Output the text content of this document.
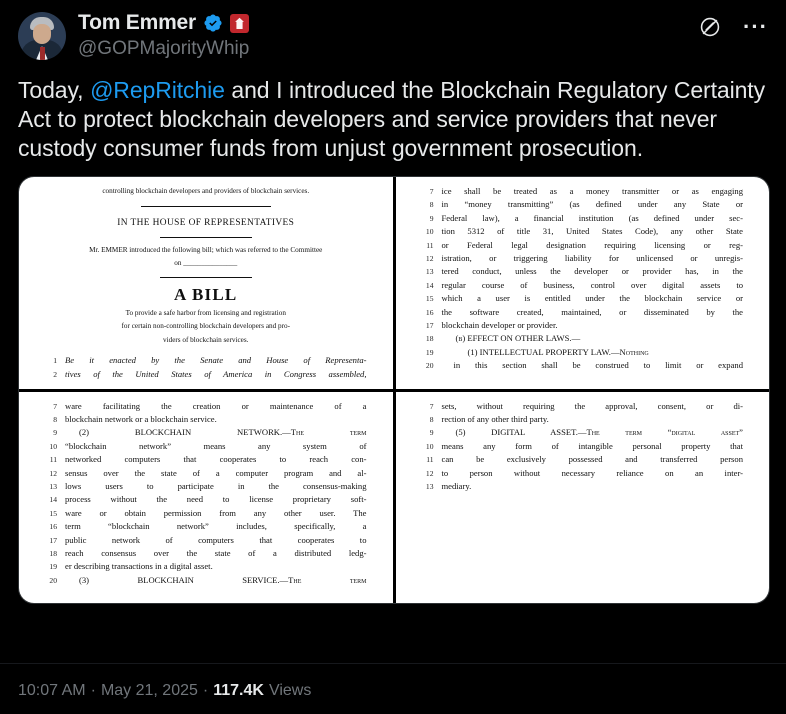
Tom Emmer
@GOPMajorityWhip
···
Today, @RepRitchie and I introduced the Blockchain Regulatory Certainty Act to protect blockchain developers and service providers that never custody consumer funds from unjust government prosecution.
controlling blockchain developers and providers of blockchain services.
IN THE HOUSE OF REPRESENTATIVES
Mr. EMMER introduced the following bill; which was referred to the Committee
on _______________
A BILL
To provide a safe harbor from licensing and registration
for certain non-controlling blockchain developers and pro-
viders of blockchain services.
1 Be it enacted by the Senate and House of Representa-
2 tives of the United States of America in Congress assembled,
7 ice shall be treated as a money transmitter or as engaging
8 in “money transmitting” (as defined under any State or
9 Federal law), a financial institution (as defined under sec-
10 tion 5312 of title 31, United States Code), any other State
11 or Federal legal designation requiring licensing or reg-
12 istration, or triggering liability for unlicensed or unregis-
13 tered conduct, unless the developer or provider has, in the
14 regular course of business, control over digital assets to
15 which a user is entitled under the blockchain service or
16 the software created, maintained, or disseminated by the
17 blockchain developer or provider.
18	(b) EFFECT ON OTHER LAWS.—
19	(1) INTELLECTUAL PROPERTY LAW.—Nothing
20	in this section shall be construed to limit or expand
7 ware facilitating the creation or maintenance of a
8 blockchain network or a blockchain service.
9	(2) BLOCKCHAIN NETWORK.—The term
10 “blockchain network” means any system of
11 networked computers that cooperates to reach con-
12 sensus over the state of a computer program and al-
13 lows users to participate in the consensus-making
14 process without the need to license proprietary soft-
15 ware or obtain permission from any other user. The
16 term “blockchain network” includes, specifically, a
17 public network of computers that cooperates to
18 reach consensus over the state of a distributed ledg-
19 er describing transactions in a digital asset.
20	(3) BLOCKCHAIN SERVICE.—The term
7 sets, without requiring the approval, consent, or di-
8 rection of any other third party.
9	(5) DIGITAL ASSET.—The term “digital asset”
10 means any form of intangible personal property that
11 can be exclusively possessed and transferred person
12 to person without necessary reliance on an inter-
13 mediary.
10:07 AM · May 21, 2025 · 117.4K Views
